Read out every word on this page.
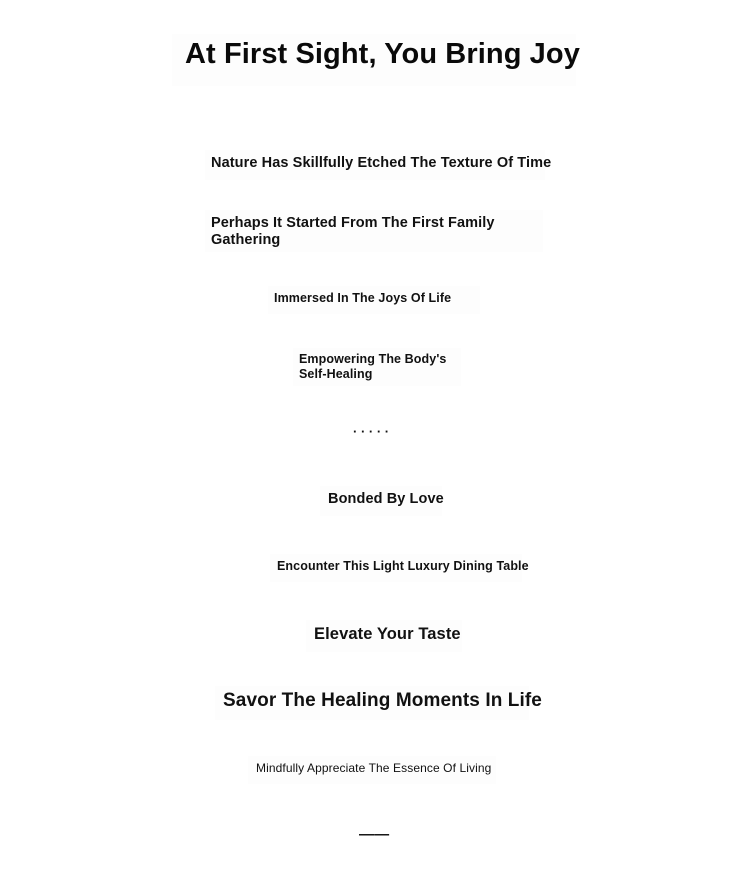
At First Sight, You Bring Joy
Nature Has Skillfully Etched The Texture Of Time
Perhaps It Started From The First Family Gathering
Immersed In The Joys Of Life
Empowering The Body's Self-Healing
· · · · ·
Bonded By Love
Encounter This Light Luxury Dining Table
Elevate Your Taste
Savor The Healing Moments In Life
Mindfully Appreciate The Essence Of Living
——
